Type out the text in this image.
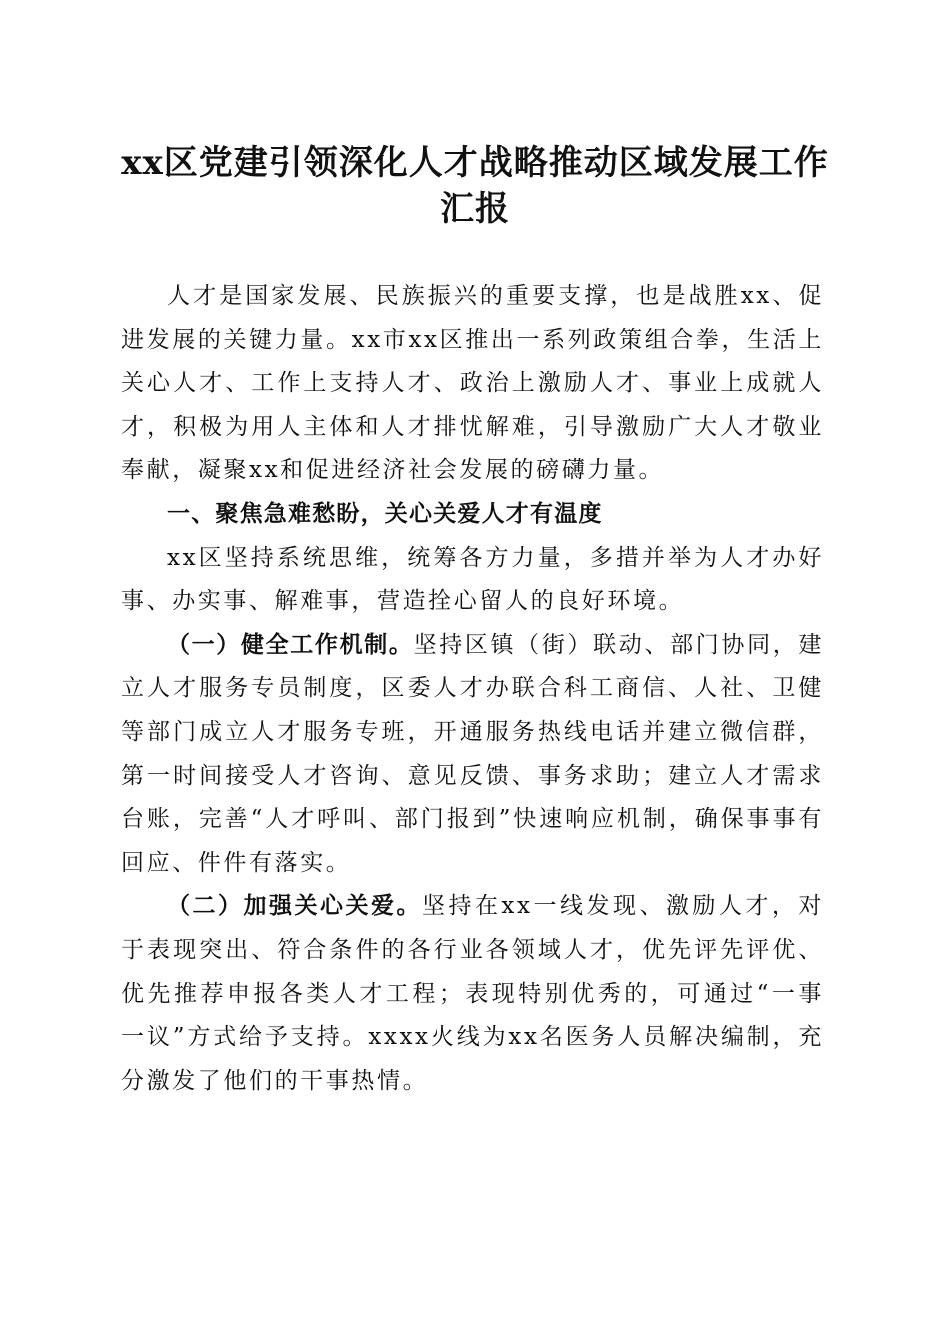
xx区党建引领深化人才战略推动区域发展工作汇报

人才是国家发展、民族振兴的重要支撑，也是战胜xx、促进发展的关键力量。xx市xx区推出一系列政策组合拳，生活上关心人才、工作上支持人才、政治上激励人才、事业上成就人才，积极为用人主体和人才排忧解难，引导激励广大人才敬业奉献，凝聚xx和促进经济社会发展的磅礴力量。

一、聚焦急难愁盼，关心关爱人才有温度

xx区坚持系统思维，统筹各方力量，多措并举为人才办好事、办实事、解难事，营造拴心留人的良好环境。

（一）健全工作机制。坚持区镇（街）联动、部门协同，建立人才服务专员制度，区委人才办联合科工商信、人社、卫健等部门成立人才服务专班，开通服务热线电话并建立微信群，第一时间接受人才咨询、意见反馈、事务求助；建立人才需求台账，完善“人才呼叫、部门报到”快速响应机制，确保事事有回应、件件有落实。

（二）加强关心关爱。坚持在xx一线发现、激励人才，对于表现突出、符合条件的各行业各领域人才，优先评先评优、优先推荐申报各类人才工程；表现特别优秀的，可通过“一事一议”方式给予支持。xxxx火线为xx名医务人员解决编制，充分激发了他们的干事热情。
